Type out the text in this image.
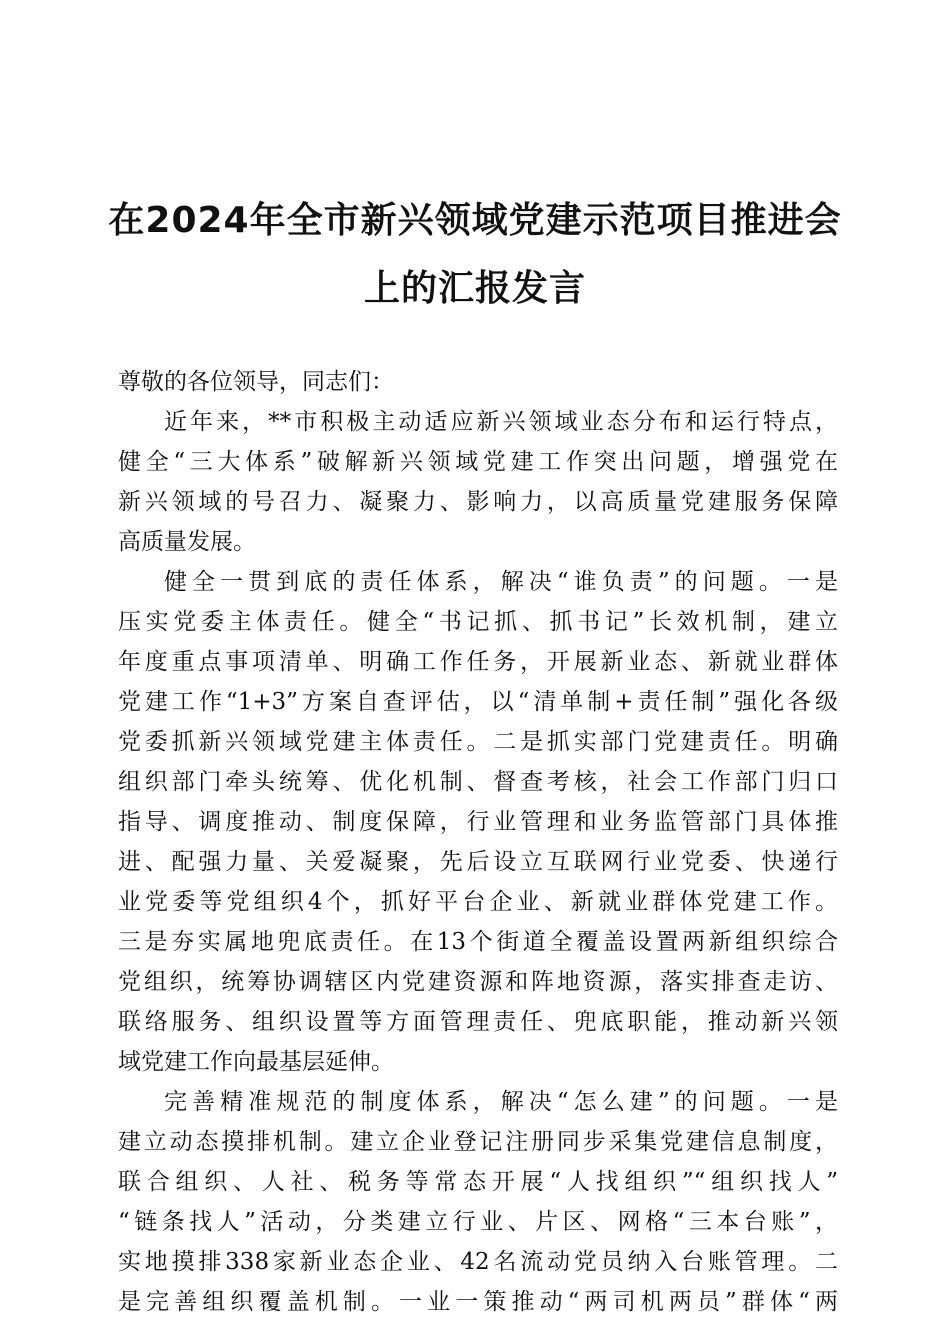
在2024年全市新兴领域党建示范项目推进会
上的汇报发言
尊敬的各位领导，同志们：
近年来，**市积极主动适应新兴领域业态分布和运行特点，
健全“三大体系”破解新兴领域党建工作突出问题，增强党在
新兴领域的号召力、凝聚力、影响力，以高质量党建服务保障
高质量发展。
健全一贯到底的责任体系，解决“谁负责”的问题。一是
压实党委主体责任。健全“书记抓、抓书记”长效机制，建立
年度重点事项清单、明确工作任务，开展新业态、新就业群体
党建工作“1+3”方案自查评估，以“清单制+责任制”强化各级
党委抓新兴领域党建主体责任。二是抓实部门党建责任。明确
组织部门牵头统筹、优化机制、督查考核，社会工作部门归口
指导、调度推动、制度保障，行业管理和业务监管部门具体推
进、配强力量、关爱凝聚，先后设立互联网行业党委、快递行
业党委等党组织4个，抓好平台企业、新就业群体党建工作。
三是夯实属地兜底责任。在13个街道全覆盖设置两新组织综合
党组织，统筹协调辖区内党建资源和阵地资源，落实排查走访、
联络服务、组织设置等方面管理责任、兜底职能，推动新兴领
域党建工作向最基层延伸。
完善精准规范的制度体系，解决“怎么建”的问题。一是
建立动态摸排机制。建立企业登记注册同步采集党建信息制度，
联合组织、人社、税务等常态开展“人找组织”“组织找人”
“链条找人”活动，分类建立行业、片区、网格“三本台账”，
实地摸排338家新业态企业、42名流动党员纳入台账管理。二
是完善组织覆盖机制。一业一策推动“两司机两员”群体“两
